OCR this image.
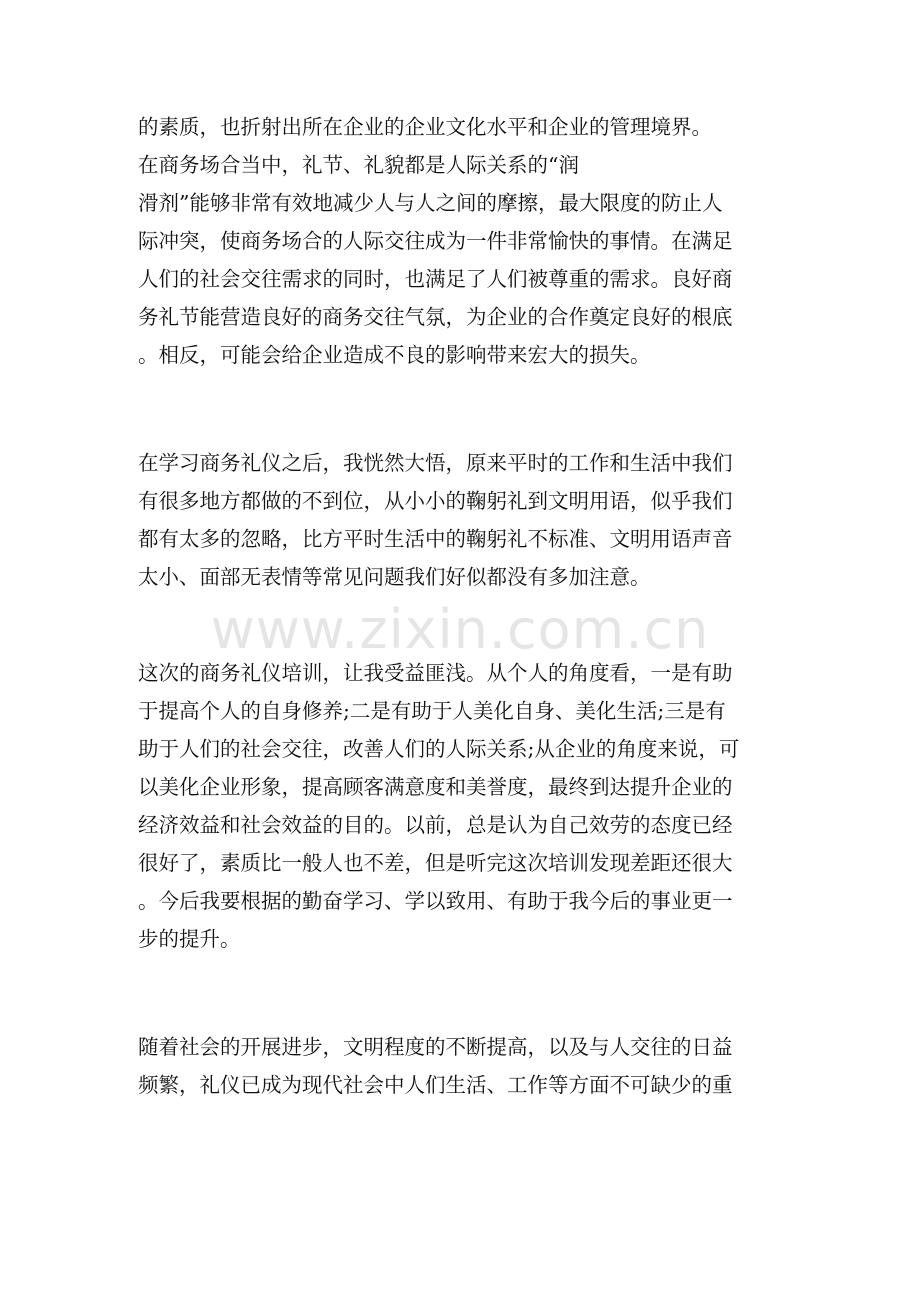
的素质，也折射出所在企业的企业文化水平和企业的管理境界。
在商务场合当中，礼节、礼貌都是人际关系的“润
滑剂”能够非常有效地减少人与人之间的摩擦，最大限度的防止人
际冲突，使商务场合的人际交往成为一件非常愉快的事情。在满足
人们的社会交往需求的同时，也满足了人们被尊重的需求。良好商
务礼节能营造良好的商务交往气氛，为企业的合作奠定良好的根底
。相反，可能会给企业造成不良的影响带来宏大的损失。
在学习商务礼仪之后，我恍然大悟，原来平时的工作和生活中我们
有很多地方都做的不到位，从小小的鞠躬礼到文明用语，似乎我们
都有太多的忽略，比方平时生活中的鞠躬礼不标准、文明用语声音
太小、面部无表情等常见问题我们好似都没有多加注意。
www.zixin.com.cn
这次的商务礼仪培训，让我受益匪浅。从个人的角度看，一是有助
于提高个人的自身修养;二是有助于人美化自身、美化生活;三是有
助于人们的社会交往，改善人们的人际关系;从企业的角度来说，可
以美化企业形象，提高顾客满意度和美誉度，最终到达提升企业的
经济效益和社会效益的目的。以前，总是认为自己效劳的态度已经
很好了，素质比一般人也不差，但是听完这次培训发现差距还很大
。今后我要根据的勤奋学习、学以致用、有助于我今后的事业更一
步的提升。
随着社会的开展进步，文明程度的不断提高，以及与人交往的日益
频繁，礼仪已成为现代社会中人们生活、工作等方面不可缺少的重
